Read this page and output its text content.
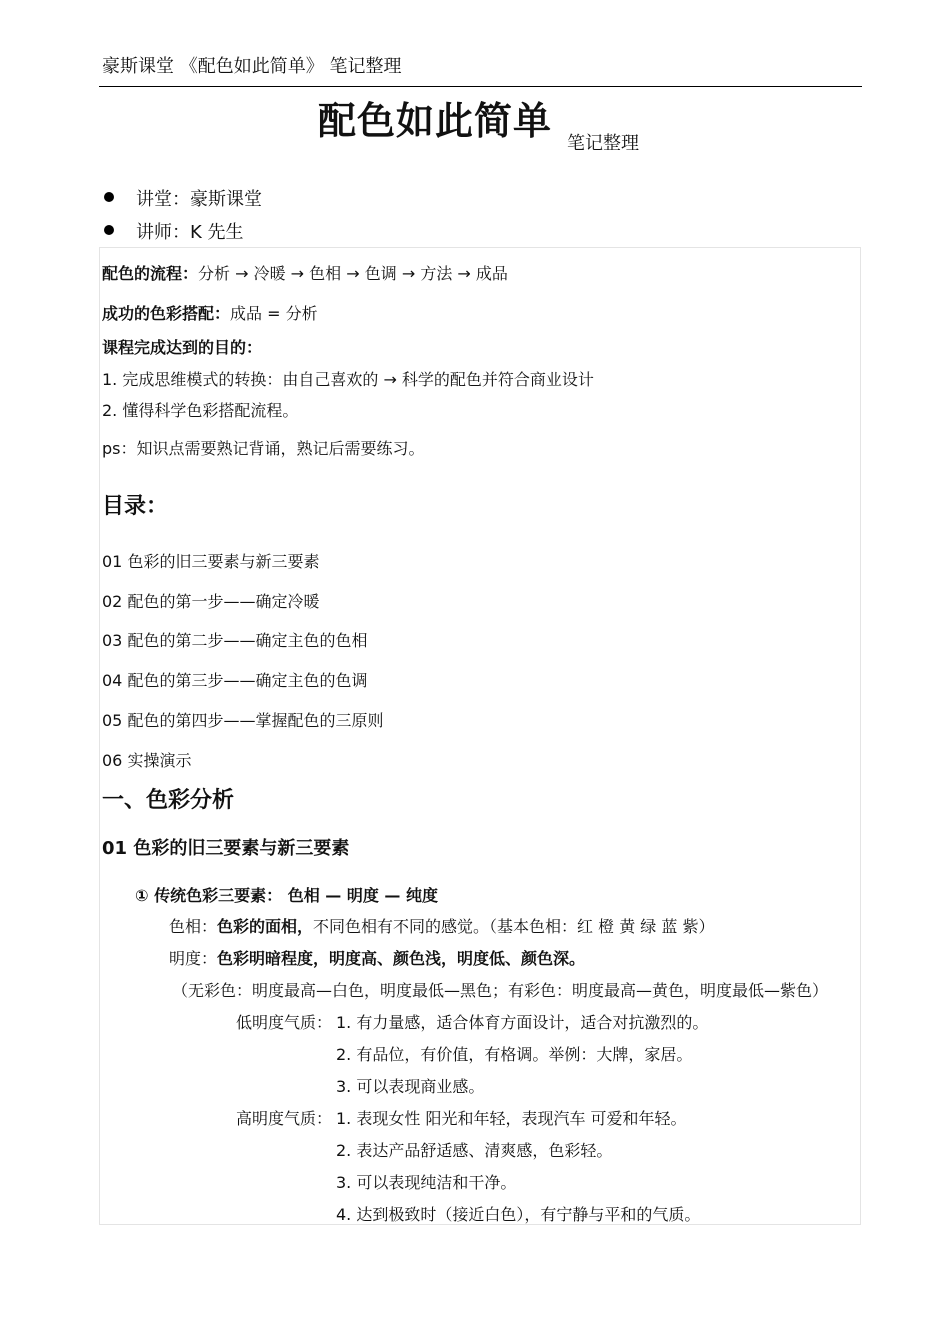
豪斯课堂 《配色如此简单》 笔记整理
配色如此简单
笔记整理
讲堂：豪斯课堂
讲师：K 先生
配色的流程：分析 → 冷暖 → 色相 → 色调 → 方法 → 成品
成功的色彩搭配：成品 = 分析
课程完成达到的目的：
1. 完成思维模式的转换：由自己喜欢的 → 科学的配色并符合商业设计
2. 懂得科学色彩搭配流程。
ps：知识点需要熟记背诵，熟记后需要练习。
目录：
01 色彩的旧三要素与新三要素
02 配色的第一步——确定冷暖
03 配色的第二步——确定主色的色相
04 配色的第三步——确定主色的色调
05 配色的第四步——掌握配色的三原则
06 实操演示
一、色彩分析
01 色彩的旧三要素与新三要素
① 传统色彩三要素： 色相 — 明度 — 纯度
色相：色彩的面相，不同色相有不同的感觉。（基本色相：红 橙 黄 绿 蓝 紫）
明度：色彩明暗程度，明度高、颜色浅，明度低、颜色深。
（无彩色：明度最高—白色，明度最低—黑色；有彩色：明度最高—黄色，明度最低—紫色）
低明度气质： 1. 有力量感，适合体育方面设计，适合对抗激烈的。
2. 有品位，有价值，有格调。举例：大牌，家居。
3. 可以表现商业感。
高明度气质： 1. 表现女性 阳光和年轻，表现汽车 可爱和年轻。
2. 表达产品舒适感、清爽感，色彩轻。
3. 可以表现纯洁和干净。
4. 达到极致时（接近白色），有宁静与平和的气质。
